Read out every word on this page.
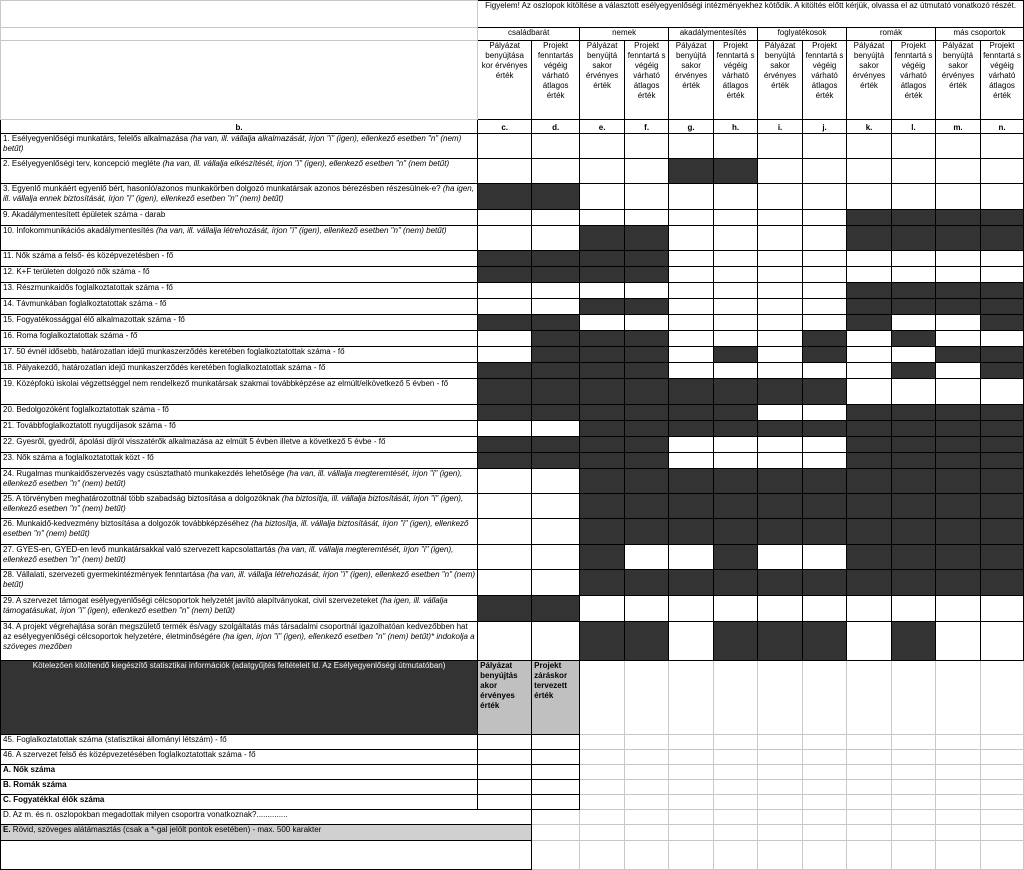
	Figyelem! Az oszlopok kitöltése a választott esélyegyenlőségi intézményekhez kötődik. A kitöltés előtt kérjük, olvassa el az útmutató vonatkozó részét.											
	családbarát		nemek		akadálymentesítés		foglyatékosok		romák		más csoportok	
	Pályázat benyújtása kor érvényes érték	Projekt fenntartás végéig várható átlagos érték	Pályázat benyújtá sakor érvényes érték	Projekt fenntartá s végéig várható átlagos érték	Pályázat benyújtá sakor érvényes érték	Projekt fenntartá s végéig várható átlagos érték	Pályázat benyújtá sakor érvényes érték	Projekt fenntartá s végéig várható átlagos érték	Pályázat benyújtá sakor érvényes érték	Projekt fenntartá s végéig várható átlagos érték	Pályázat benyújtá sakor érvényes érték	Projekt fenntartá s végéig várható átlagos érték
b.	c.	d.	e.	f.	g.	h.	i.	j.	k.	l.	m.	n.
1. Esélyegyenlőségi munkatárs, felelős alkalmazása (ha van, ill. vállalja alkalmazását, írjon "i" (igen), ellenkező esetben "n" (nem) betűt)												
2. Esélyegyenlőségi terv, koncepció megléte (ha van, ill. vállalja elkészítését, írjon "i" (igen), ellenkező esetben "n" (nem betűt)												
3. Egyenlő munkáért egyenlő bért, hasonló/azonos munkakörben dolgozó munkatársak azonos bérezésben részesülnek-e? (ha igen, ill. vállalja ennek biztosítását, írjon "i" (igen), ellenkező esetben "n" (nem) betűt)												
9. Akadálymentesített épületek száma - darab												
10. Infokommunikációs akadálymentesítés (ha van, ill. vállalja létrehozását, írjon "i" (igen), ellenkező esetben "n" (nem) betűt)												
11. Nők száma a felső- és középvezetésben - fő												
12. K+F területen dolgozó nők száma - fő												
13. Részmunkaidős foglalkoztatottak száma - fő												
14. Távmunkában foglalkoztatottak száma - fő												
15. Fogyatékossággal élő alkalmazottak száma - fő												
16. Roma foglalkoztatottak száma - fő												
17. 50 évnél idősebb, határozatlan idejű munkaszerződés keretében foglalkoztatottak száma - fő												
18. Pályakezdő, határozatlan idejű munkaszerződés keretében foglalkoztatottak száma - fő												
19. Középfokú iskolai végzettséggel nem rendelkező munkatársak szakmai továbbképzése az elmúlt/elkövetkező 5 évben - fő												
20. Bedolgozóként foglalkoztatottak száma - fő												
21. Továbbfoglalkoztatott nyugdíjasok száma - fő												
22. Gyesről, gyedről, ápolási díjról visszatérők alkalmazása az elmúlt 5 évben illetve a következő 5 évbe - fő												
23. Nők száma a foglalkoztatottak közt - fő												
24. Rugalmas munkaidőszervezés vagy csúsztatható munkakezdés lehetősége (ha van, ill. vállalja megteremtését, írjon "i" (igen), ellenkező esetben "n" (nem) betűt)												
25. A törvényben meghatározottnál több szabadság biztosítása a dolgozóknak (ha biztosítja, ill. vállalja biztosítását, írjon "i" (igen), ellenkező esetben "n" (nem) betűt)												
26. Munkaidő-kedvezmény biztosítása a dolgozók továbbképzéséhez (ha biztosítja, ill. vállalja biztosítását, írjon "i" (igen), ellenkező esetben "n" (nem) betűt)												
27. GYES-en, GYED-en levő munkatársakkal való szervezett kapcsolattartás (ha van, ill. vállalja megteremtését, írjon "i" (igen), ellenkező esetben "n" (nem) betűt)												
28. Vállalati, szervezeti gyermekintézmények fenntartása (ha van, ill. vállalja létrehozását, írjon "i" (igen), ellenkező esetben "n" (nem) betűt)												
29. A szervezet támogat esélyegyenlőségi célcsoportok helyzetét javító alapítványokat, civil szervezeteket (ha igen, ill. vállalja támogatásukat, írjon "i" (igen), ellenkező esetben "n" (nem) betűt)												
34. A projekt végrehajtása során megszülető termék és/vagy szolgáltatás más társadalmi csoportnál igazolhatóan kedvezőbben hat az esélyegyenlőségi célcsoportok helyzetére, életminőségére (ha igen, írjon "i" (igen), ellenkező esetben "n" (nem) betűt)* indokolja a szöveges mezőben												
Kötelezően kitöltendő kiegészítő statisztikai információk (adatgyűjtés feltételeit ld. Az Esélyegyenlőségi útmutatóban)	Pályázat benyújtás akor érvényes érték	Projekt záráskor tervezett érték										
45. Foglalkoztatottak száma (statisztikai állományi létszám) - fő												
46. A szervezet felső és középvezetésében foglalkoztatottak száma - fő												
A. Nők száma												
B. Romák száma												
C. Fogyatékkal élők száma												
D. Az m. és n. oszlopokban megadottak milyen csoportra vonatkoznak?..............												
E. Rövid, szöveges alátámasztás (csak a *-gal jelölt pontok esetében) - max. 500 karakter												
